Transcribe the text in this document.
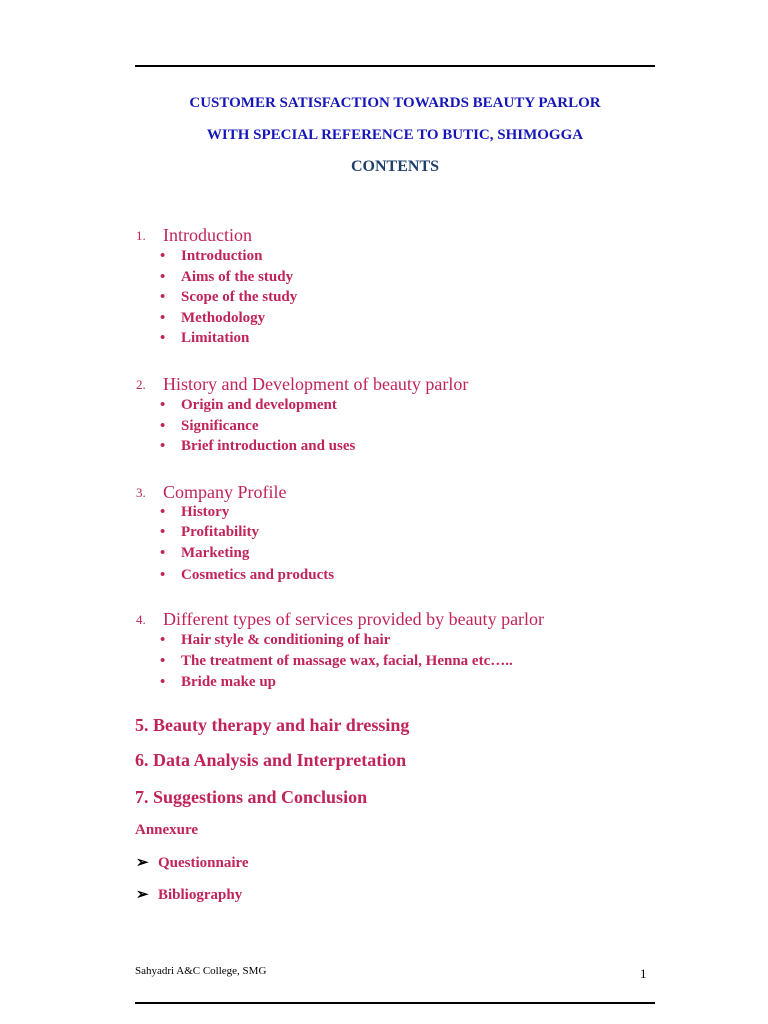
CUSTOMER SATISFACTION TOWARDS BEAUTY PARLOR
WITH SPECIAL REFERENCE TO BUTIC, SHIMOGGA
CONTENTS
1. Introduction
• Introduction
• Aims of the study
• Scope of the study
• Methodology
• Limitation
2. History and Development of beauty parlor
• Origin and development
• Significance
• Brief introduction and uses
3. Company Profile
• History
• Profitability
• Marketing
• Cosmetics and products
4. Different types of services provided by beauty parlor
• Hair style & conditioning of hair
• The treatment of massage wax, facial, Henna etc…..
• Bride make up
5. Beauty therapy and hair dressing
6. Data Analysis and Interpretation
7. Suggestions and Conclusion
Annexure
➢ Questionnaire
➢ Bibliography
Sahyadri A&C College, SMG	1
